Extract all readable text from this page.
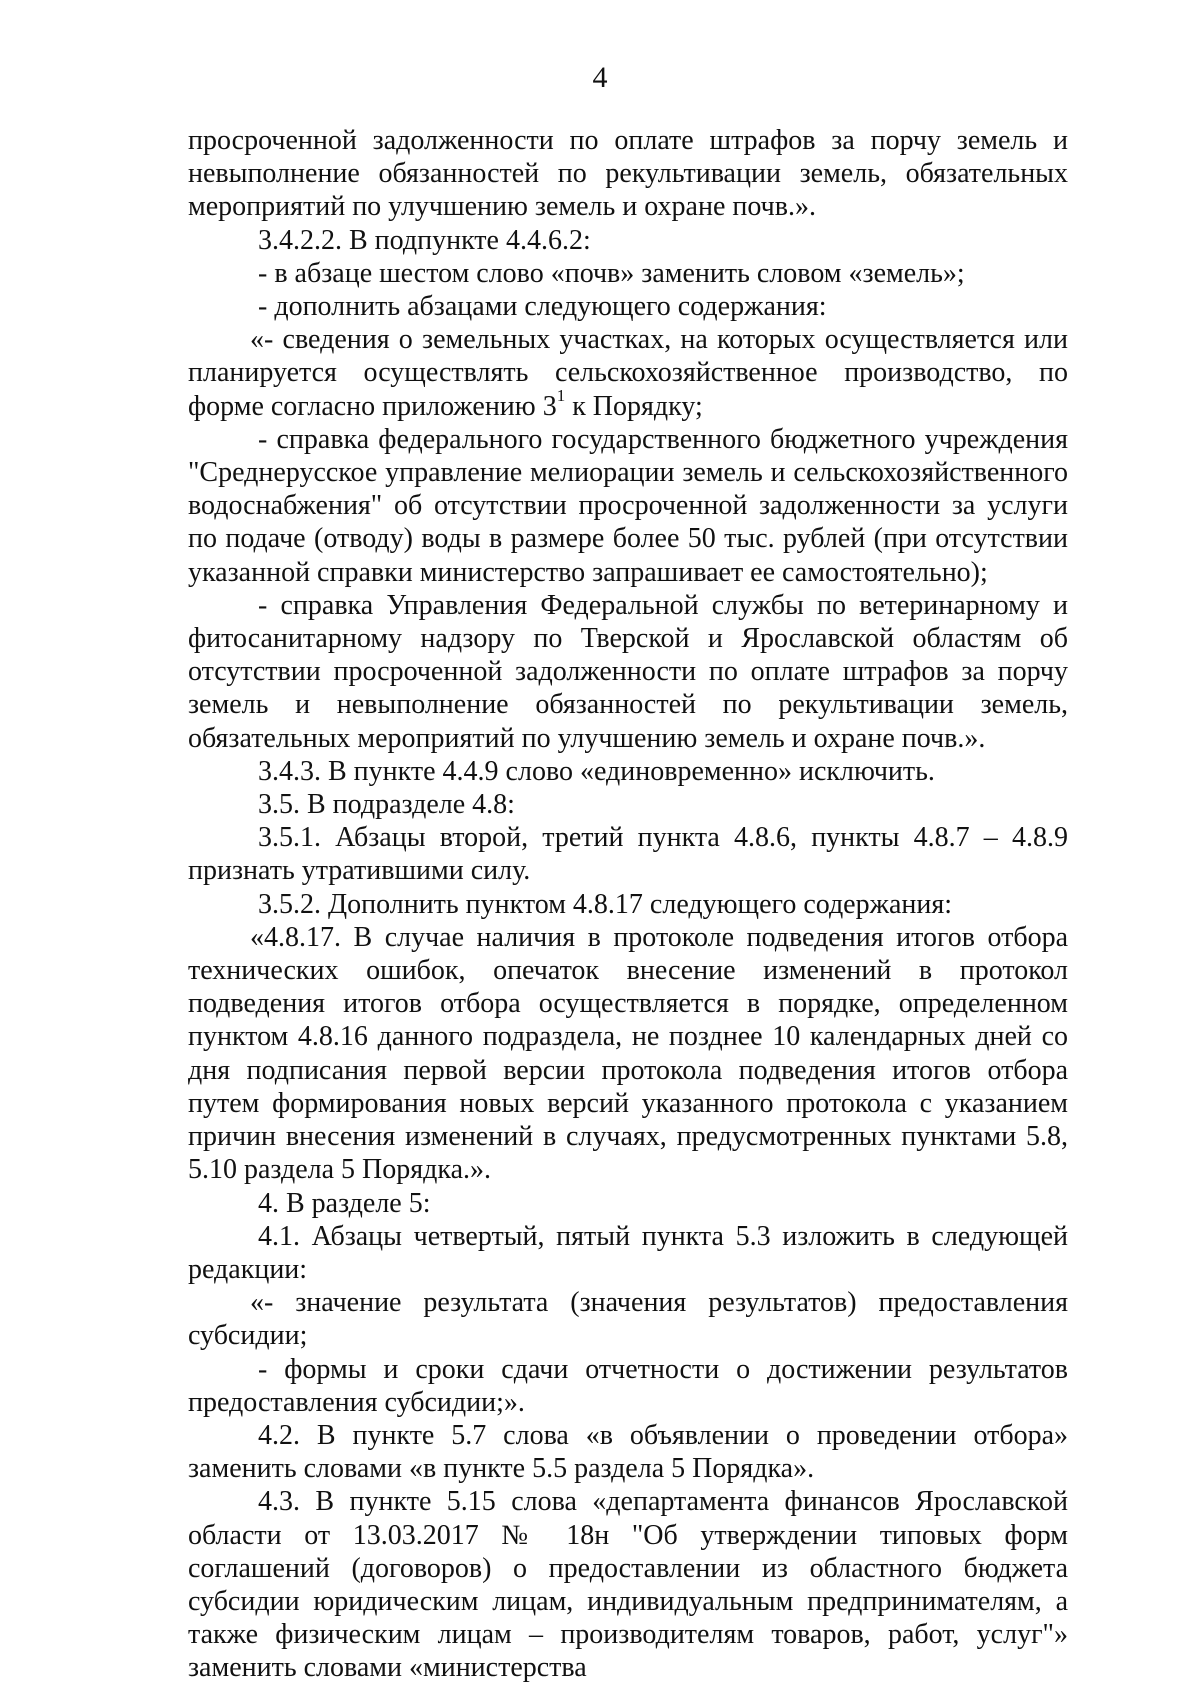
4

просроченной задолженности по оплате штрафов за порчу земель и невыполнение обязанностей по рекультивации земель, обязательных мероприятий по улучшению земель и охране почв.».

3.4.2.2. В подпункте 4.4.6.2:

- в абзаце шестом слово «почв» заменить словом «земель»;

- дополнить абзацами следующего содержания:

«- сведения о земельных участках, на которых осуществляется или планируется осуществлять сельскохозяйственное производство, по форме согласно приложению $3^1$ к Порядку;

- справка федерального государственного бюджетного учреждения "Среднерусское управление мелиорации земель и сельскохозяйственного водоснабжения" об отсутствии просроченной задолженности за услуги по подаче (отводу) воды в размере более 50 тыс. рублей (при отсутствии указанной справки министерство запрашивает ее самостоятельно);

- справка Управления Федеральной службы по ветеринарному и фитосанитарному надзору по Тверской и Ярославской областям об отсутствии просроченной задолженности по оплате штрафов за порчу земель и невыполнение обязанностей по рекультивации земель, обязательных мероприятий по улучшению земель и охране почв.».

3.4.3. В пункте 4.4.9 слово «единовременно» исключить.

3.5. В подразделе 4.8:

3.5.1. Абзацы второй, третий пункта 4.8.6, пункты 4.8.7 – 4.8.9 признать утратившими силу.

3.5.2. Дополнить пунктом 4.8.17 следующего содержания:

«4.8.17. В случае наличия в протоколе подведения итогов отбора технических ошибок, опечаток внесение изменений в протокол подведения итогов отбора осуществляется в порядке, определенном пунктом 4.8.16 данного подраздела, не позднее 10 календарных дней со дня подписания первой версии протокола подведения итогов отбора путем формирования новых версий указанного протокола с указанием причин внесения изменений в случаях, предусмотренных пунктами 5.8, 5.10 раздела 5 Порядка.».

4. В разделе 5:

4.1. Абзацы четвертый, пятый пункта 5.3 изложить в следующей редакции:

«- значение результата (значения результатов) предоставления субсидии;

- формы и сроки сдачи отчетности о достижении результатов предоставления субсидии;».

4.2. В пункте 5.7 слова «в объявлении о проведении отбора» заменить словами «в пункте 5.5 раздела 5 Порядка».

4.3. В пункте 5.15 слова «департамента финансов Ярославской области от 13.03.2017 № 18н "Об утверждении типовых форм соглашений (договоров) о предоставлении из областного бюджета субсидии юридическим лицам, индивидуальным предпринимателям, а также физическим лицам – производителям товаров, работ, услуг"» заменить словами «министерства
